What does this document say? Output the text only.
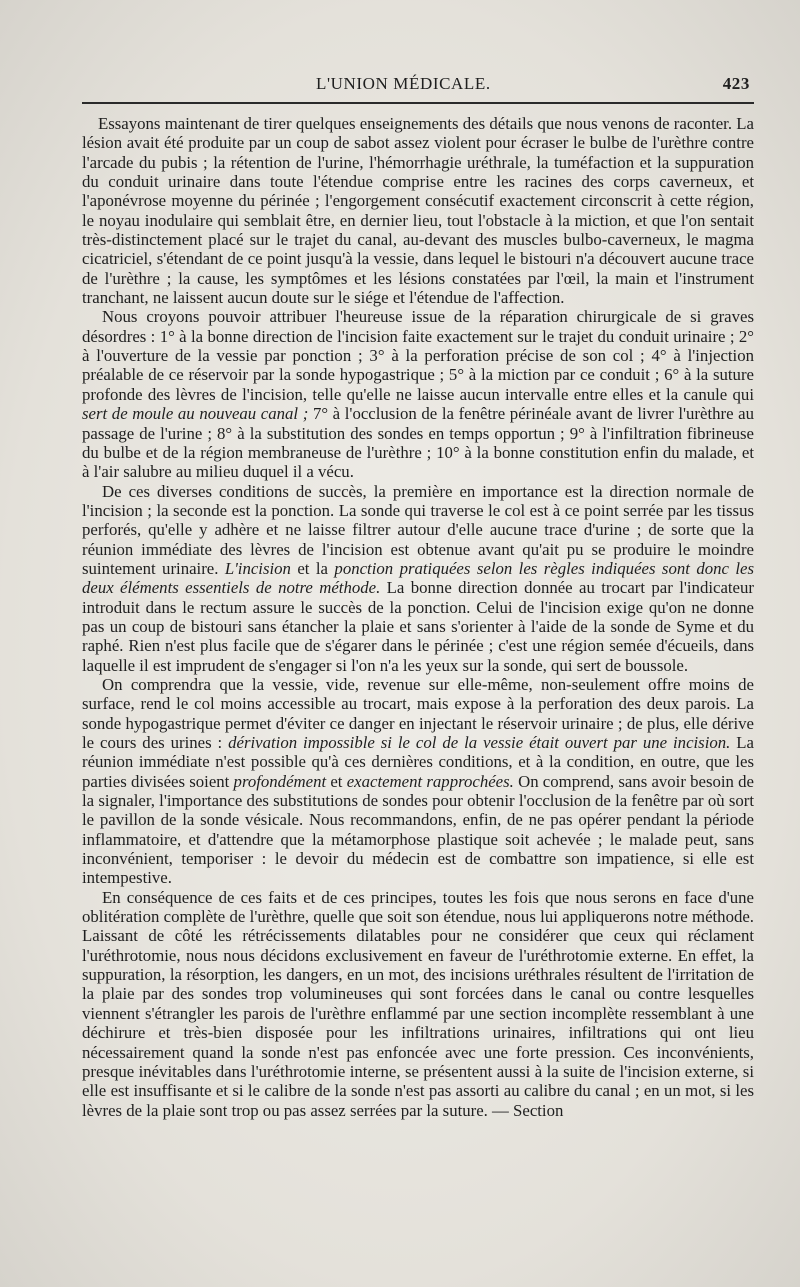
L'UNION MÉDICALE.	423

Essayons maintenant de tirer quelques enseignements des détails que nous venons de raconter. La lésion avait été produite par un coup de sabot assez violent pour écraser le bulbe de l'urèthre contre l'arcade du pubis ; la rétention de l'urine, l'hémorrhagie uréthrale, la tuméfaction et la suppuration du conduit urinaire dans toute l'étendue comprise entre les racines des corps caverneux, et l'aponévrose moyenne du périnée ; l'engorgement consécutif exactement circonscrit à cette région, le noyau inodulaire qui semblait être, en dernier lieu, tout l'obstacle à la miction, et que l'on sentait très-distinctement placé sur le trajet du canal, au-devant des muscles bulbo-caverneux, le magma cicatriciel, s'étendant de ce point jusqu'à la vessie, dans lequel le bistouri n'a découvert aucune trace de l'urèthre ; la cause, les symptômes et les lésions constatées par l'œil, la main et l'instrument tranchant, ne laissent aucun doute sur le siége et l'étendue de l'affection.

Nous croyons pouvoir attribuer l'heureuse issue de la réparation chirurgicale de si graves désordres : 1° à la bonne direction de l'incision faite exactement sur le trajet du conduit urinaire ; 2° à l'ouverture de la vessie par ponction ; 3° à la perforation précise de son col ; 4° à l'injection préalable de ce réservoir par la sonde hypogastrique ; 5° à la miction par ce conduit ; 6° à la suture profonde des lèvres de l'incision, telle qu'elle ne laisse aucun intervalle entre elles et la canule qui sert de moule au nouveau canal ; 7° à l'occlusion de la fenêtre périnéale avant de livrer l'urèthre au passage de l'urine ; 8° à la substitution des sondes en temps opportun ; 9° à l'infiltration fibrineuse du bulbe et de la région membraneuse de l'urèthre ; 10° à la bonne constitution enfin du malade, et à l'air salubre au milieu duquel il a vécu.

De ces diverses conditions de succès, la première en importance est la direction normale de l'incision ; la seconde est la ponction. La sonde qui traverse le col est à ce point serrée par les tissus perforés, qu'elle y adhère et ne laisse filtrer autour d'elle aucune trace d'urine ; de sorte que la réunion immédiate des lèvres de l'incision est obtenue avant qu'ait pu se produire le moindre suintement urinaire. L'incision et la ponction pratiquées selon les règles indiquées sont donc les deux éléments essentiels de notre méthode. La bonne direction donnée au trocart par l'indicateur introduit dans le rectum assure le succès de la ponction. Celui de l'incision exige qu'on ne donne pas un coup de bistouri sans étancher la plaie et sans s'orienter à l'aide de la sonde de Syme et du raphé. Rien n'est plus facile que de s'égarer dans le périnée ; c'est une région semée d'écueils, dans laquelle il est imprudent de s'engager si l'on n'a les yeux sur la sonde, qui sert de boussole.

On comprendra que la vessie, vide, revenue sur elle-même, non-seulement offre moins de surface, rend le col moins accessible au trocart, mais expose à la perforation des deux parois. La sonde hypogastrique permet d'éviter ce danger en injectant le réservoir urinaire ; de plus, elle dérive le cours des urines : dérivation impossible si le col de la vessie était ouvert par une incision. La réunion immédiate n'est possible qu'à ces dernières conditions, et à la condition, en outre, que les parties divisées soient profondément et exactement rapprochées. On comprend, sans avoir besoin de la signaler, l'importance des substitutions de sondes pour obtenir l'occlusion de la fenêtre par où sort le pavillon de la sonde vésicale. Nous recommandons, enfin, de ne pas opérer pendant la période inflammatoire, et d'attendre que la métamorphose plastique soit achevée ; le malade peut, sans inconvénient, temporiser : le devoir du médecin est de combattre son impatience, si elle est intempestive.

En conséquence de ces faits et de ces principes, toutes les fois que nous serons en face d'une oblitération complète de l'urèthre, quelle que soit son étendue, nous lui appliquerons notre méthode. Laissant de côté les rétrécissements dilatables pour ne considérer que ceux qui réclament l'uréthrotomie, nous nous décidons exclusivement en faveur de l'uréthrotomie externe. En effet, la suppuration, la résorption, les dangers, en un mot, des incisions uréthrales résultent de l'irritation de la plaie par des sondes trop volumineuses qui sont forcées dans le canal ou contre lesquelles viennent s'étrangler les parois de l'urèthre enflammé par une section incomplète ressemblant à une déchirure et très-bien disposée pour les infiltrations urinaires, infiltrations qui ont lieu nécessairement quand la sonde n'est pas enfoncée avec une forte pression. Ces inconvénients, presque inévitables dans l'uréthrotomie interne, se présentent aussi à la suite de l'incision externe, si elle est insuffisante et si le calibre de la sonde n'est pas assorti au calibre du canal ; en un mot, si les lèvres de la plaie sont trop ou pas assez serrées par la suture. — Section
